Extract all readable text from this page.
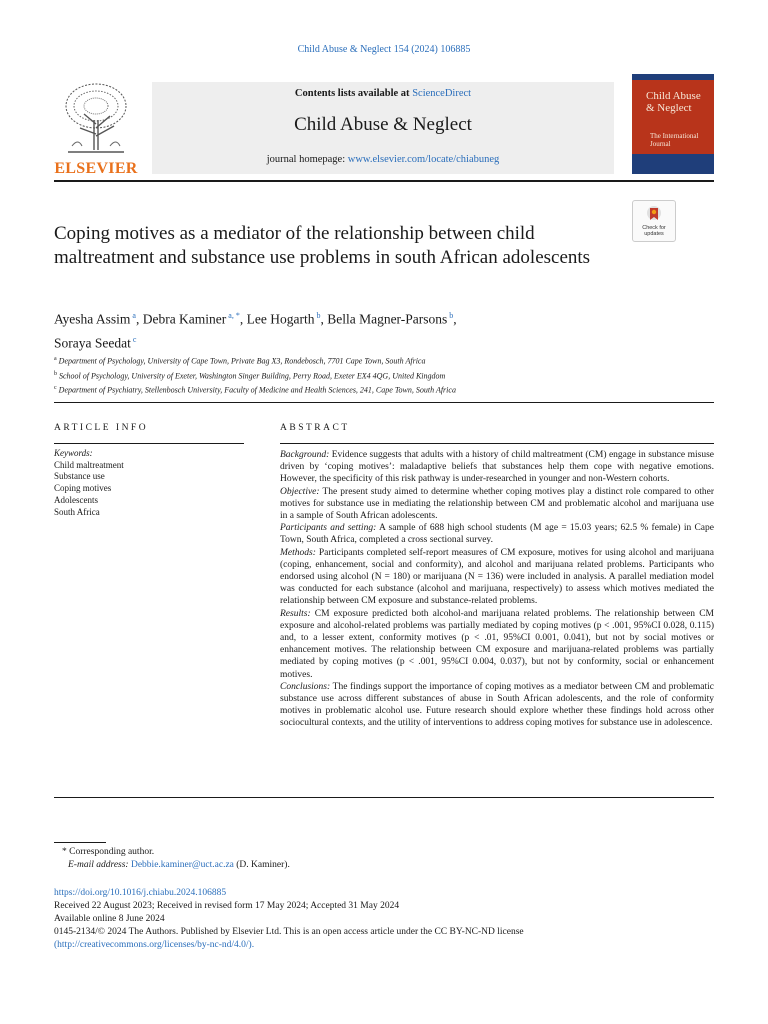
Child Abuse & Neglect 154 (2024) 106885
ELSEVIER
Contents lists available at ScienceDirect
Child Abuse & Neglect
journal homepage: www.elsevier.com/locate/chiabuneg
Child Abuse & Neglect
The International Journal
Check for updates
Coping motives as a mediator of the relationship between child maltreatment and substance use problems in south African adolescents
Ayesha Assim $^a$, Debra Kaminer $^{a, *}$, Lee Hogarth $^b$, Bella Magner-Parsons $^b$,
Soraya Seedat $^c$
$^a$ Department of Psychology, University of Cape Town, Private Bag X3, Rondebosch, 7701 Cape Town, South Africa
$^b$ School of Psychology, University of Exeter, Washington Singer Building, Perry Road, Exeter EX4 4QG, United Kingdom
$^c$ Department of Psychiatry, Stellenbosch University, Faculty of Medicine and Health Sciences, 241, Cape Town, South Africa
ARTICLE INFO	ABSTRACT
Keywords:
Child maltreatment
Substance use
Coping motives
Adolescents
South Africa

Background: Evidence suggests that adults with a history of child maltreatment (CM) engage in substance misuse driven by ‘coping motives’: maladaptive beliefs that substances help them cope with negative emotions. However, the specificity of this risk pathway is under-researched in younger and non-Western cohorts.

Objective: The present study aimed to determine whether coping motives play a distinct role compared to other motives for substance use in mediating the relationship between CM and problematic alcohol and marijuana use in a sample of South African adolescents.

Participants and setting: A sample of 688 high school students (M age = 15.03 years; 62.5 % female) in Cape Town, South Africa, completed a cross sectional survey.

Methods: Participants completed self-report measures of CM exposure, motives for using alcohol and marijuana (coping, enhancement, social and conformity), and alcohol and marijuana related problems. Participants who endorsed using alcohol (N = 180) or marijuana (N = 136) were included in analysis. A parallel mediation model was conducted for each substance (alcohol and marijuana, respectively) to assess which motives mediated the relationship between CM exposure and substance-related problems.

Results: CM exposure predicted both alcohol-and marijuana related problems. The relationship between CM exposure and alcohol-related problems was partially mediated by coping motives (p < .001, 95%CI 0.028, 0.115) and, to a lesser extent, conformity motives (p < .01, 95%CI 0.001, 0.041), but not by social motives or enhancement motives. The relationship between CM exposure and marijuana-related problems was partially mediated by coping motives (p < .001, 95%CI 0.004, 0.037), but not by conformity, social or enhancement motives.

Conclusions: The findings support the importance of coping motives as a mediator between CM and problematic substance use across different substances of abuse in South African adolescents, and the role of conformity motives in problematic alcohol use. Future research should explore whether these findings hold across other sociocultural contexts, and the utility of interventions to address coping motives for substance use in adolescence.

* Corresponding author.
E-mail address: Debbie.kaminer@uct.ac.za (D. Kaminer).
https://doi.org/10.1016/j.chiabu.2024.106885
Received 22 August 2023; Received in revised form 17 May 2024; Accepted 31 May 2024
Available online 8 June 2024
0145-2134/© 2024 The Authors. Published by Elsevier Ltd. This is an open access article under the CC BY-NC-ND license
(http://creativecommons.org/licenses/by-nc-nd/4.0/).
